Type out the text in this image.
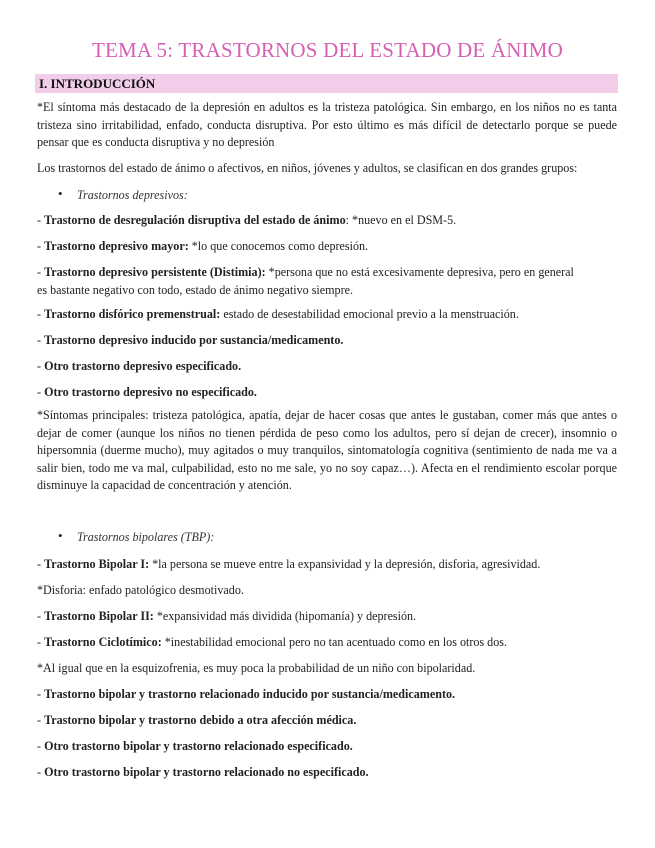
TEMA 5: TRASTORNOS DEL ESTADO DE ÁNIMO
I. INTRODUCCIÓN

*El síntoma más destacado de la depresión en adultos es la tristeza patológica. Sin embargo, en los niños no es tanta tristeza sino irritabilidad, enfado, conducta disruptiva. Por esto último es más difícil de detectarlo porque se puede pensar que es conducta disruptiva y no depresión

Los trastornos del estado de ánimo o afectivos, en niños, jóvenes y adultos, se clasifican en dos grandes grupos:

• Trastornos depresivos:

- Trastorno de desregulación disruptiva del estado de ánimo: *nuevo en el DSM-5.

- Trastorno depresivo mayor: *lo que conocemos como depresión.

- Trastorno depresivo persistente (Distimia): *persona que no está excesivamente depresiva, pero en general

es bastante negativo con todo, estado de ánimo negativo siempre.

- Trastorno disfórico premenstrual: estado de desestabilidad emocional previo a la menstruación.

- Trastorno depresivo inducido por sustancia/medicamento.

- Otro trastorno depresivo especificado.

- Otro trastorno depresivo no especificado.

*Síntomas principales: tristeza patológica, apatía, dejar de hacer cosas que antes le gustaban, comer más que antes o dejar de comer (aunque los niños no tienen pérdida de peso como los adultos, pero sí dejan de crecer), insomnio o hipersomnia (duerme mucho), muy agitados o muy tranquilos, sintomatología cognitiva (sentimiento de nada me va a salir bien, todo me va mal, culpabilidad, esto no me sale, yo no soy capaz…). Afecta en el rendimiento escolar porque disminuye la capacidad de concentración y atención.

• Trastornos bipolares (TBP):

- Trastorno Bipolar I: *la persona se mueve entre la expansividad y la depresión, disforia, agresividad.

*Disforia: enfado patológico desmotivado.

- Trastorno Bipolar II: *expansividad más dividida (hipomanía) y depresión.

- Trastorno Ciclotímico: *inestabilidad emocional pero no tan acentuado como en los otros dos.

*Al igual que en la esquizofrenia, es muy poca la probabilidad de un niño con bipolaridad.

- Trastorno bipolar y trastorno relacionado inducido por sustancia/medicamento.

- Trastorno bipolar y trastorno debido a otra afección médica.

- Otro trastorno bipolar y trastorno relacionado especificado.

- Otro trastorno bipolar y trastorno relacionado no especificado.
